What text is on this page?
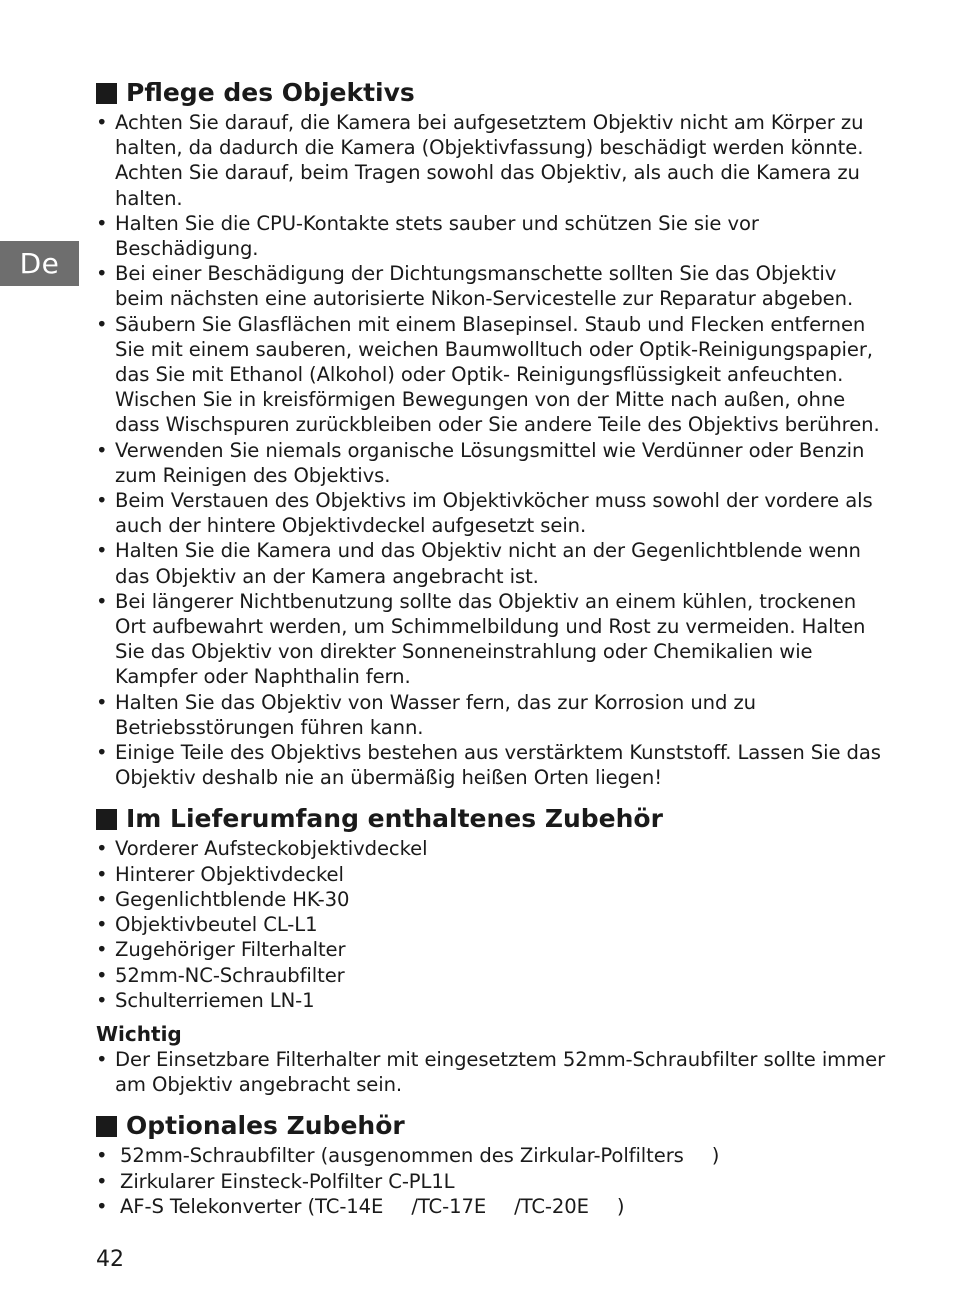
De
Pflege des Objektivs
• Achten Sie darauf, die Kamera bei aufgesetztem Objektiv nicht am Körper zu halten, da dadurch die Kamera (Objektivfassung) beschädigt werden könnte. Achten Sie darauf, beim Tragen sowohl das Objektiv, als auch die Kamera zu halten.
• Halten Sie die CPU-Kontakte stets sauber und schützen Sie sie vor Beschädigung.
• Bei einer Beschädigung der Dichtungsmanschette sollten Sie das Objektiv beim nächsten eine autorisierte Nikon-Servicestelle zur Reparatur abgeben.
• Säubern Sie Glasflächen mit einem Blasepinsel. Staub und Flecken entfernen Sie mit einem sauberen, weichen Baumwolltuch oder Optik-Reinigungspapier, das Sie mit Ethanol (Alkohol) oder Optik- Reinigungsflüssigkeit anfeuchten. Wischen Sie in kreisförmigen Bewegungen von der Mitte nach außen, ohne dass Wischspuren zurückbleiben oder Sie andere Teile des Objektivs berühren.
• Verwenden Sie niemals organische Lösungsmittel wie Verdünner oder Benzin zum Reinigen des Objektivs.
• Beim Verstauen des Objektivs im Objektivköcher muss sowohl der vordere als auch der hintere Objektivdeckel aufgesetzt sein.
• Halten Sie die Kamera und das Objektiv nicht an der Gegenlichtblende wenn das Objektiv an der Kamera angebracht ist.
• Bei längerer Nichtbenutzung sollte das Objektiv an einem kühlen, trockenen Ort aufbewahrt werden, um Schimmelbildung und Rost zu vermeiden. Halten Sie das Objektiv von direkter Sonneneinstrahlung oder Chemikalien wie Kampfer oder Naphthalin fern.
• Halten Sie das Objektiv von Wasser fern, das zur Korrosion und zu Betriebsstörungen führen kann.
• Einige Teile des Objektivs bestehen aus verstärktem Kunststoff. Lassen Sie das Objektiv deshalb nie an übermäßig heißen Orten liegen!
Im Lieferumfang enthaltenes Zubehör
• Vorderer Aufsteckobjektivdeckel
• Hinterer Objektivdeckel
• Gegenlichtblende HK-30
• Objektivbeutel CL-L1
• Zugehöriger Filterhalter
• 52mm-NC-Schraubfilter
• Schulterriemen LN-1
Wichtig
• Der Einsetzbare Filterhalter mit eingesetztem 52mm-Schraubfilter sollte immer am Objektiv angebracht sein.
Optionales Zubehör
• 52mm-Schraubfilter (ausgenommen des Zirkular-Polfilters )
• Zirkularer Einsteck-Polfilter C-PL1L
• AF-S Telekonverter (TC-14E /TC-17E /TC-20E )
42
